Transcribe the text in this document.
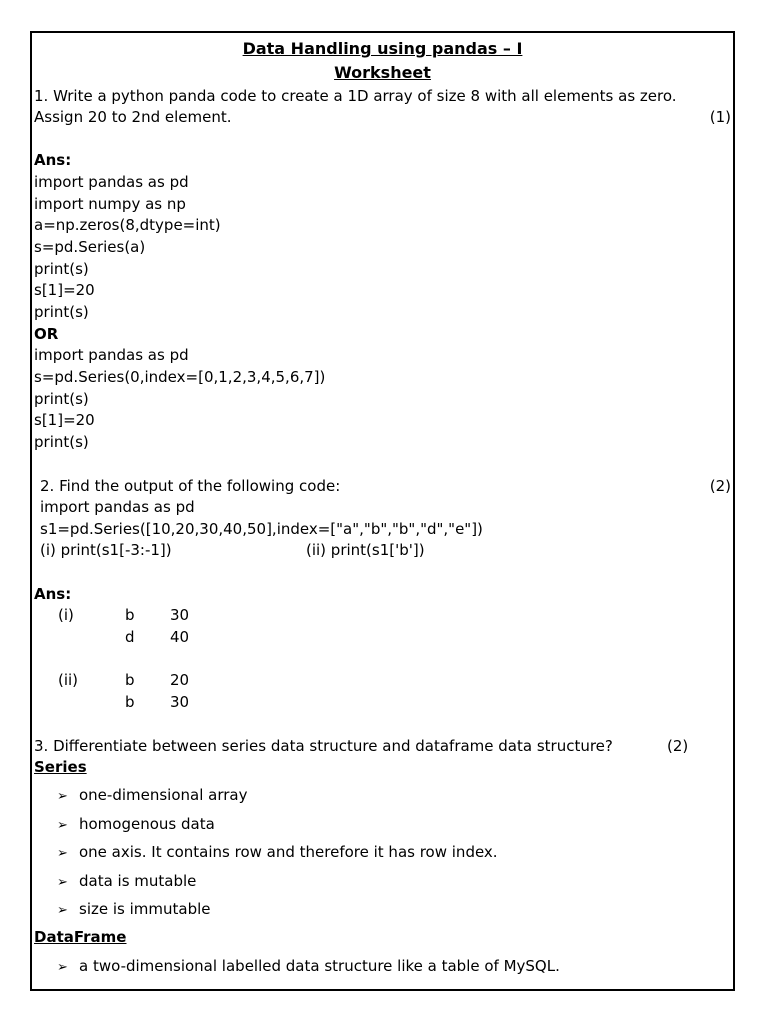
Data Handling using pandas – I
Worksheet
1. Write a python panda code to create a 1D array of size 8 with all elements as zero.
Assign 20 to 2nd element.	(1)
Ans:
import pandas as pd
import numpy as np
a=np.zeros(8,dtype=int)
s=pd.Series(a)
print(s)
s[1]=20
print(s)
OR
import pandas as pd
s=pd.Series(0,index=[0,1,2,3,4,5,6,7])
print(s)
s[1]=20
print(s)
2. Find the output of the following code:	(2)
import pandas as pd
s1=pd.Series([10,20,30,40,50],index=["a","b","b","d","e"])
(i) print(s1[-3:-1])	(ii) print(s1['b'])
Ans:
(i)	b 30
d 40
(ii)	b 20
b 30
3. Differentiate between series data structure and dataframe data structure?	(2)
Series
➢ one-dimensional array
➢ homogenous data
➢ one axis. It contains row and therefore it has row index.
➢ data is mutable
➢ size is immutable
DataFrame
➢ a two-dimensional labelled data structure like a table of MySQL.
